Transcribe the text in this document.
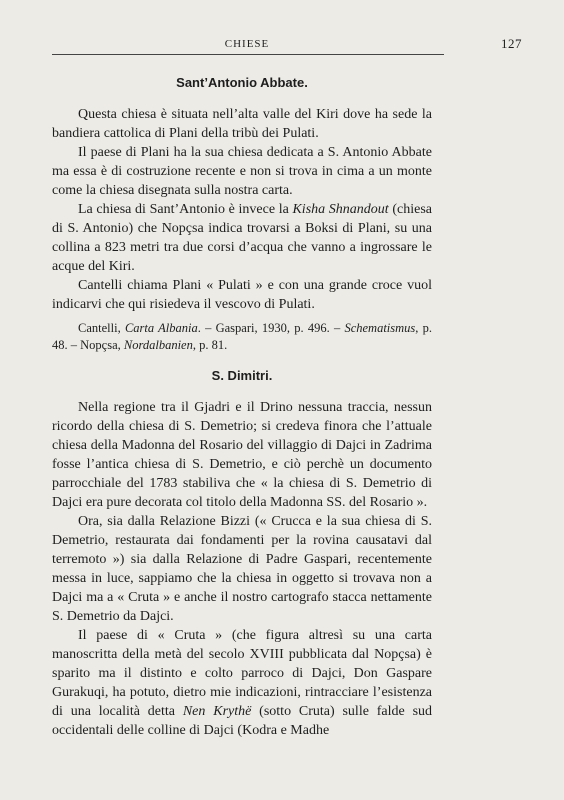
CHIESE	127
Sant’Antonio Abbate.

Questa chiesa è situata nell’alta valle del Kiri dove ha sede la bandiera cattolica di Plani della tribù dei Pulati.

Il paese di Plani ha la sua chiesa dedicata a S. Antonio Abbate ma essa è di costruzione recente e non si trova in cima a un monte come la chiesa disegnata sulla nostra carta.

La chiesa di Sant’Antonio è invece la Kisha Shnandout (chiesa di S. Antonio) che Nopçsa indica trovarsi a Boksi di Plani, su una collina a 823 metri tra due corsi d’acqua che vanno a ingrossare le acque del Kiri.

Cantelli chiama Plani « Pulati » e con una grande croce vuol indicarvi che qui risiedeva il vescovo di Pulati.

Cantelli, Carta Albania. – Gaspari, 1930, p. 496. – Schematismus, p. 48. – Nopçsa, Nordalbanien, p. 81.

S. Dimitri.

Nella regione tra il Gjadri e il Drino nessuna traccia, nessun ricordo della chiesa di S. Demetrio; si credeva finora che l’attuale chiesa della Madonna del Rosario del villaggio di Dajci in Zadrima fosse l’antica chiesa di S. Demetrio, e ciò perchè un documento parrocchiale del 1783 stabiliva che « la chiesa di S. Demetrio di Dajci era pure decorata col titolo della Madonna SS. del Rosario ».

Ora, sia dalla Relazione Bizzi (« Crucca e la sua chiesa di S. Demetrio, restaurata dai fondamenti per la rovina causatavi dal terremoto ») sia dalla Relazione di Padre Gaspari, recentemente messa in luce, sappiamo che la chiesa in oggetto si trovava non a Dajci ma a « Cruta » e anche il nostro cartografo stacca nettamente S. Demetrio da Dajci.

Il paese di « Cruta » (che figura altresì su una carta manoscritta della metà del secolo XVIII pubblicata dal Nopçsa) è sparito ma il distinto e colto parroco di Dajci, Don Gaspare Gurakuqi, ha potuto, dietro mie indicazioni, rintracciare l’esistenza di una località detta Nen Krythë (sotto Cruta) sulle falde sud occidentali delle colline di Dajci (Kodra e Madhe
